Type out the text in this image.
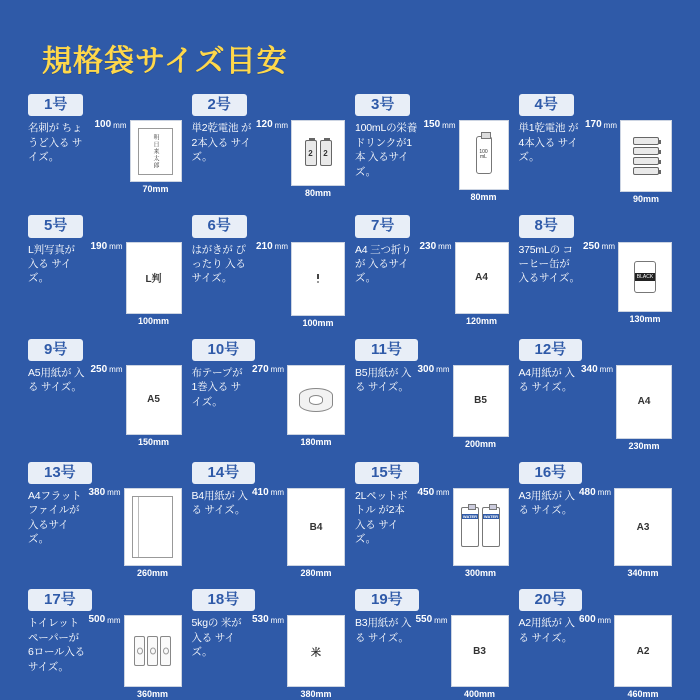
規格袋サイズ目安
1号
名刺が ちょうど入る サイズ。
100 mm
明日来太郎
70mm
2号
単2乾電池 が2本入る サイズ。
120 mm
2	2
80mm
3号
100mLの栄養 ドリンクが1本 入るサイズ。
150 mm
100
mL
80mm
4号
単1乾電池 が4本入る サイズ。
170 mm
90mm
5号
L判写真が 入る サイズ。
190 mm
L判
100mm
6号
はがきが ぴったり 入るサイズ。
210 mm
100mm
7号
A4 三つ折りが 入るサイズ。
230 mm
A4
120mm
8号
375mLの コーヒー缶が 入るサイズ。
250 mm
BLACK
130mm
9号
A5用紙が 入る サイズ。
250 mm
A5
150mm
10号
布テープが 1巻入る サイズ。
270 mm
180mm
11号
B5用紙が 入る サイズ。
300 mm
B5
200mm
12号
A4用紙が 入る サイズ。
340 mm
A4
230mm
13号
A4フラット ファイルが 入るサイズ。
380 mm
260mm
14号
B4用紙が 入る サイズ。
410 mm
B4
280mm
15号
2Lペットボトル が2本入る サイズ。
450 mm
WATER WATER
300mm
16号
A3用紙が 入る サイズ。
480 mm
A3
340mm
17号
トイレット ペーパーが 6ロール入る サイズ。
500 mm
360mm
18号
5kgの 米が入る サイズ。
530 mm
米
380mm
19号
B3用紙が 入る サイズ。
550 mm
B3
400mm
20号
A2用紙が 入る サイズ。
600 mm
A2
460mm
